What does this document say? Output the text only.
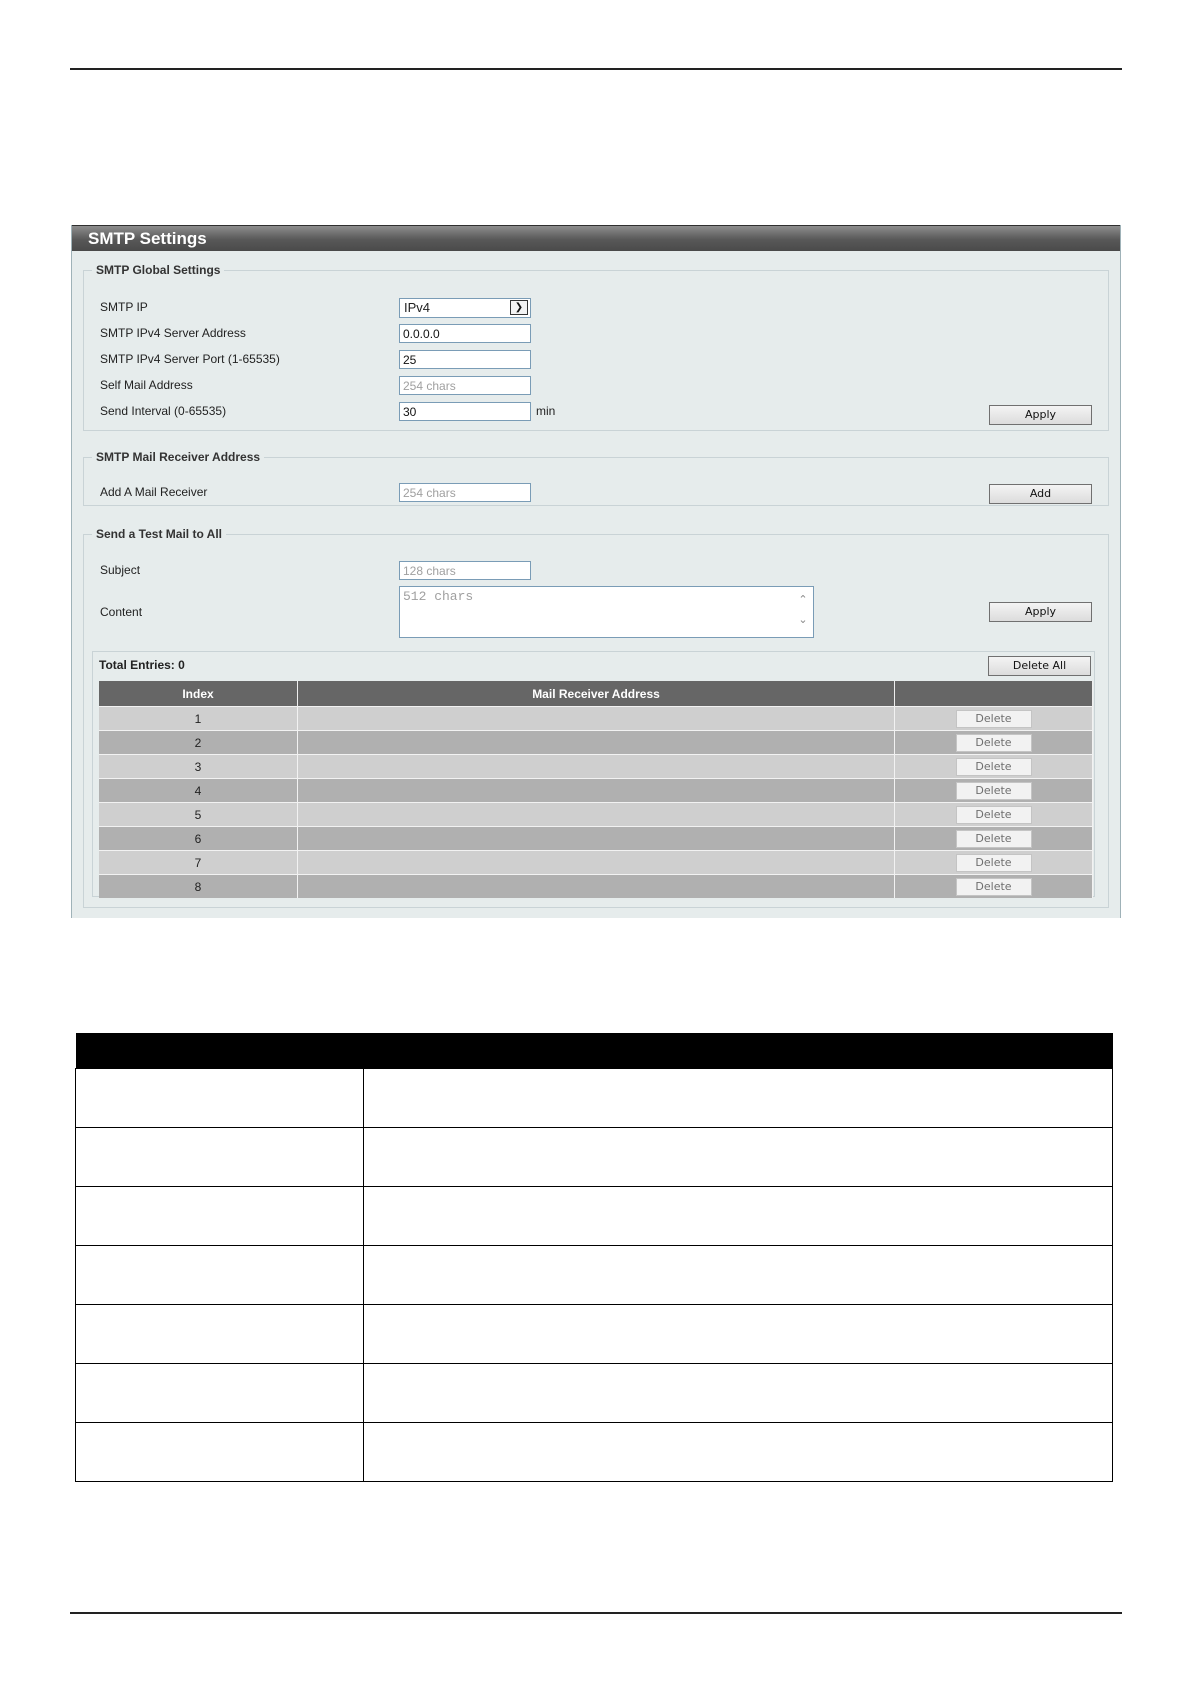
SMTP Settings
SMTP Global Settings
SMTP IP	IPv4	❯
SMTP IPv4 Server Address
0.0.0.0
SMTP IPv4 Server Port (1-65535)
25
Self Mail Address
254 chars
Send Interval (0-65535)
30	min	Apply
SMTP Mail Receiver Address
Add A Mail Receiver
254 chars	Add
Send a Test Mail to All
Subject
128 chars
Content
512 chars
⌃
⌄
Apply
Total Entries: 0	Delete All
Index	Mail Receiver Address	
1		Delete
2		Delete
3		Delete
4		Delete
5		Delete
6		Delete
7		Delete
8		Delete
